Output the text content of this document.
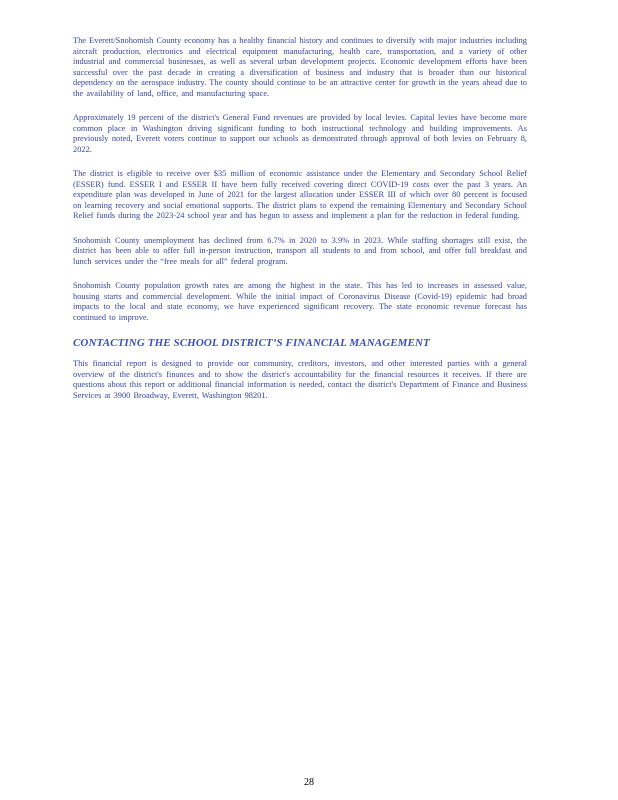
The Everett/Snohomish County economy has a healthy financial history and continues to diversify with major industries including aircraft production, electronics and electrical equipment manufacturing, health care, transportation, and a variety of other industrial and commercial businesses, as well as several urban development projects. Economic development efforts have been successful over the past decade in creating a diversification of business and industry that is broader than our historical dependency on the aerospace industry. The county should continue to be an attractive center for growth in the years ahead due to the availability of land, office, and manufacturing space.

Approximately 19 percent of the district's General Fund revenues are provided by local levies. Capital levies have become more common place in Washington driving significant funding to both instructional technology and building improvements. As previously noted, Everett voters continue to support our schools as demonstrated through approval of both levies on February 8, 2022.

The district is eligible to receive over $35 million of economic assistance under the Elementary and Secondary School Relief (ESSER) fund. ESSER I and ESSER II have been fully received covering direct COVID-19 costs over the past 3 years. An expenditure plan was developed in June of 2021 for the largest allocation under ESSER III of which over 80 percent is focused on learning recovery and social emotional supports. The district plans to expend the remaining Elementary and Secondary School Relief funds during the 2023-24 school year and has begun to assess and implement a plan for the reduction in federal funding.

Snohomish County unemployment has declined from 6.7% in 2020 to 3.9% in 2023. While staffing shortages still exist, the district has been able to offer full in-person instruction, transport all students to and from school, and offer full breakfast and lunch services under the “free meals for all” federal program.

Snohomish County population growth rates are among the highest in the state. This has led to increases in assessed value, housing starts and commercial development. While the initial impact of Coronavirus Disease (Covid-19) epidemic had broad impacts to the local and state economy, we have experienced significant recovery. The state economic revenue forecast has continued to improve.

CONTACTING THE SCHOOL DISTRICT’S FINANCIAL MANAGEMENT

This financial report is designed to provide our community, creditors, investors, and other interested parties with a general overview of the district's finances and to show the district's accountability for the financial resources it receives. If there are questions about this report or additional financial information is needed, contact the district's Department of Finance and Business Services at 3900 Broadway, Everett, Washington 98201.

28
